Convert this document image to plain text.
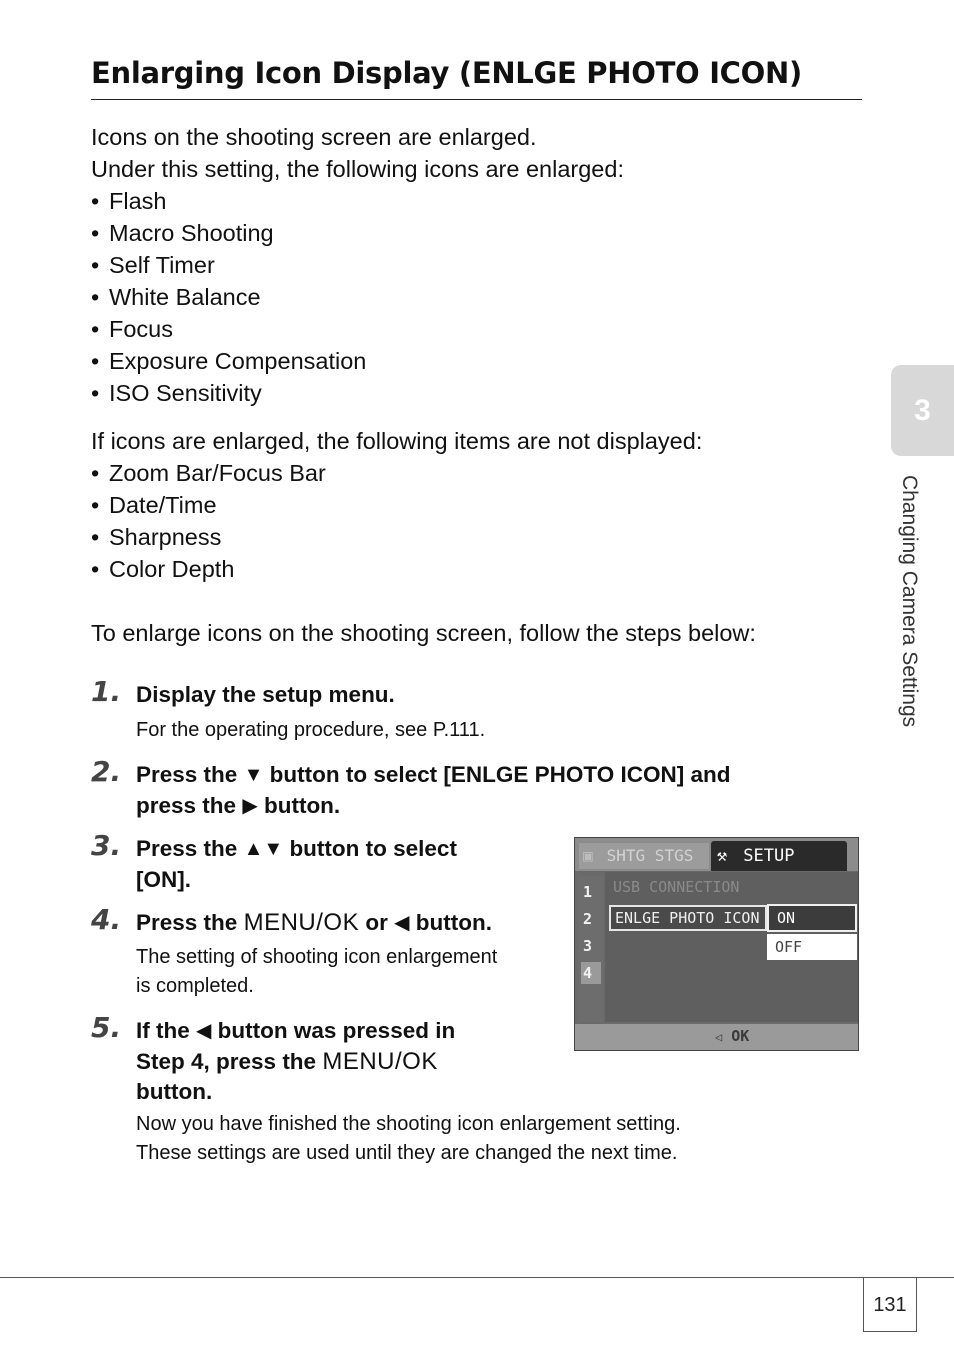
Enlarging Icon Display (ENLGE PHOTO ICON)
Icons on the shooting screen are enlarged.
Under this setting, the following icons are enlarged:
• Flash
• Macro Shooting
• Self Timer
• White Balance
• Focus
• Exposure Compensation
• ISO Sensitivity
If icons are enlarged, the following items are not displayed:
• Zoom Bar/Focus Bar
• Date/Time
• Sharpness
• Color Depth
To enlarge icons on the shooting screen, follow the steps below:
1. Display the setup menu.
For the operating procedure, see P.111.
2. Press the ▼ button to select [ENLGE PHOTO ICON] and
press the ▶ button.
3. Press the ▲▼ button to select
[ON].
4. Press the MENU/OK or ◀ button.
The setting of shooting icon enlargement
is completed.
5. If the ◀ button was pressed in
Step 4, press the MENU/OK
button.
Now you have finished the shooting icon enlargement setting.
These settings are used until they are changed the next time.
▣ SHTG STGS	⚒ SETUP
1
2
3
4
USB CONNECTION
ENLGE PHOTO ICON	ON
OFF
◁ OK
3
Changing Camera Settings
131
